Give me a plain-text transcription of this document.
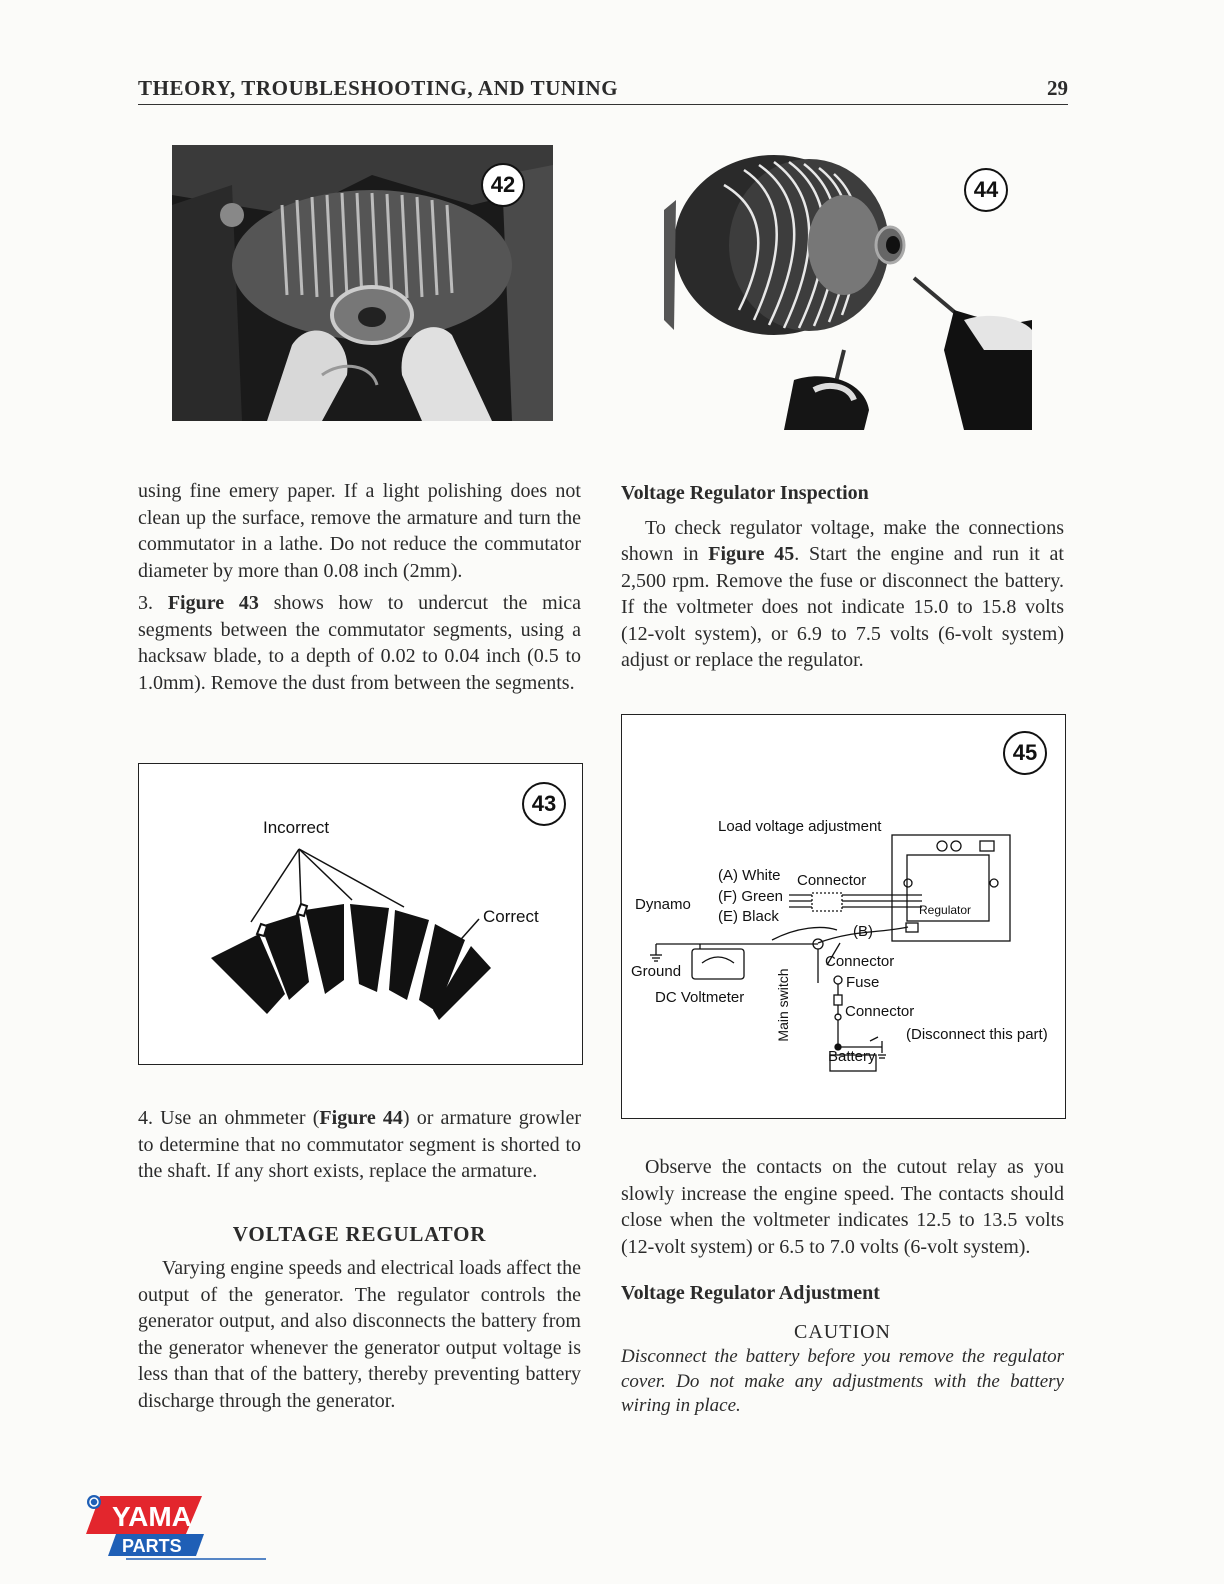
THEORY, TROUBLESHOOTING, AND TUNING	29
42	44

using fine emery paper. If a light polishing does not clean up the surface, remove the armature and turn the commutator in a lathe. Do not reduce the commutator diameter by more than 0.08 inch (2mm).

3. Figure 43 shows how to undercut the mica segments between the commutator segments, using a hacksaw blade, to a depth of 0.02 to 0.04 inch (0.5 to 1.0mm). Remove the dust from between the segments.

43
Incorrect
Correct

4. Use an ohmmeter (Figure 44) or armature growler to determine that no commutator segment is shorted to the shaft. If any short exists, replace the armature.

VOLTAGE REGULATOR

Varying engine speeds and electrical loads affect the output of the generator. The regulator controls the generator output, and also disconnects the battery from the generator whenever the generator output voltage is less than that of the battery, thereby preventing battery discharge through the generator.

Voltage Regulator Inspection

To check regulator voltage, make the connections shown in Figure 45. Start the engine and run it at 2,500 rpm. Remove the fuse or disconnect the battery. If the voltmeter does not indicate 15.0 to 15.8 volts (12-volt system), or 6.9 to 7.5 volts (6-volt system) adjust or replace the regulator.

45
Load voltage adjustment
(A) White
(F) Green
(E) Black
Connector
Dynamo	Regulator
(B)
Ground
Connector
Fuse
DC Voltmeter Main switch	Connector
(Disconnect this part)
Battery

Observe the contacts on the cutout relay as you slowly increase the engine speed. The contacts should close when the voltmeter indicates 12.5 to 13.5 volts (12-volt system) or 6.5 to 7.0 volts (6-volt system).

Voltage Regulator Adjustment
CAUTION

Disconnect the battery before you remove the regulator cover. Do not make any adjustments with the battery wiring in place.

YAMA
PARTS
